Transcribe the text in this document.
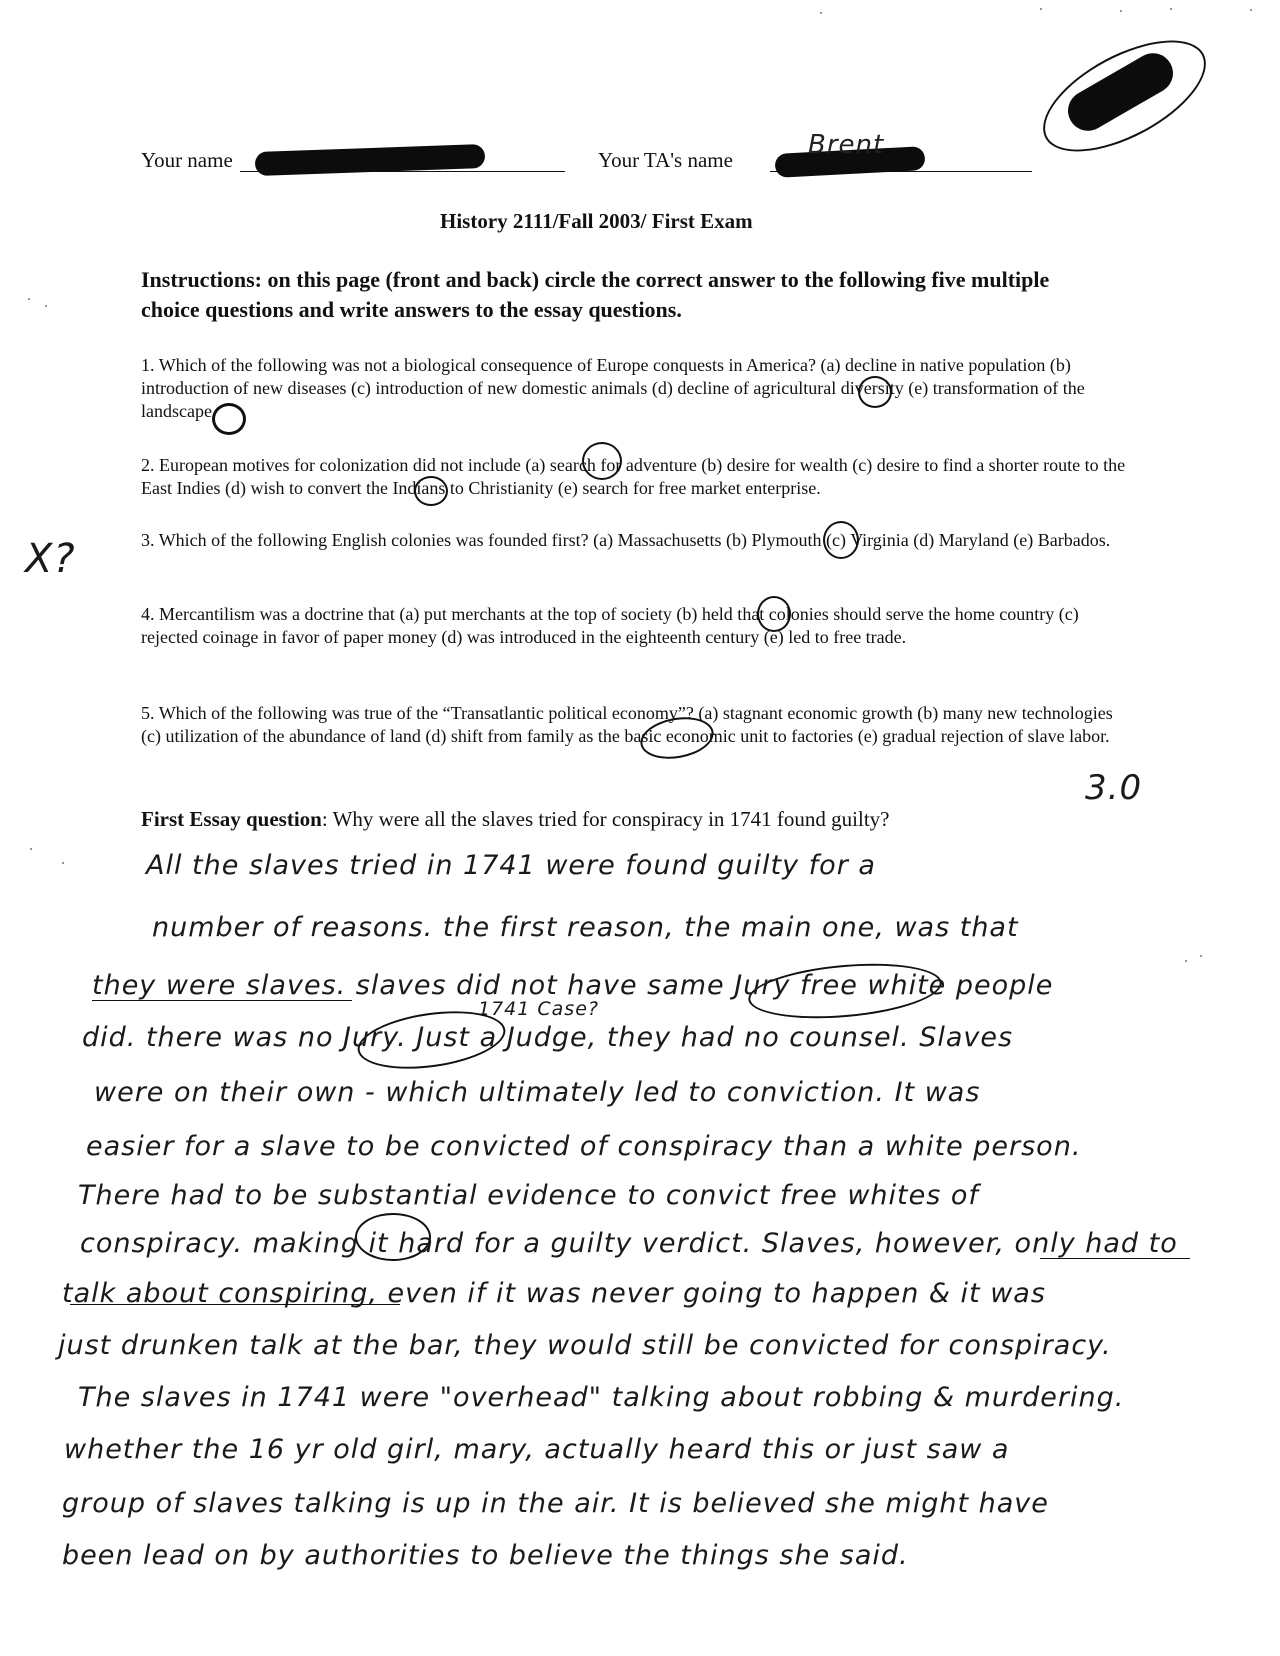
Your name	Your TA's name	Brent
History 2111/Fall 2003/ First Exam
Instructions: on this page (front and back) circle the correct answer to the following five multiple choice questions and write answers to the essay questions.
1. Which of the following was not a biological consequence of Europe conquests in America? (a) decline in native population (b) introduction of new diseases (c) introduction of new domestic animals (d) decline of agricultural diversity (e) transformation of the landscape.
2. European motives for colonization did not include (a) search for adventure (b) desire for wealth (c) desire to find a shorter route to the East Indies (d) wish to convert the Indians to Christianity (e) search for free market enterprise.
3. Which of the following English colonies was founded first? (a) Massachusetts (b) Plymouth (c) Virginia (d) Maryland (e) Barbados.
4. Mercantilism was a doctrine that (a) put merchants at the top of society (b) held that colonies should serve the home country (c) rejected coinage in favor of paper money (d) was introduced in the eighteenth century (e) led to free trade.
5. Which of the following was true of the “Transatlantic political economy”? (a) stagnant economic growth (b) many new technologies (c) utilization of the abundance of land (d) shift from family as the basic economic unit to factories (e) gradual rejection of slave labor.
X?
3.0
First Essay question: Why were all the slaves tried for conspiracy in 1741 found guilty?
1741 Case?
All the slaves tried in 1741 were found guilty for a
number of reasons. the first reason, the main one, was that
they were slaves. slaves did not have same Jury free white people
did. there was no Jury. Just a Judge, they had no counsel. Slaves
were on their own - which ultimately led to conviction. It was
easier for a slave to be convicted of conspiracy than a white person.
There had to be substantial evidence to convict free whites of
conspiracy. making it hard for a guilty verdict. Slaves, however, only had to
talk about conspiring, even if it was never going to happen & it was
just drunken talk at the bar, they would still be convicted for conspiracy.
The slaves in 1741 were "overhead" talking about robbing & murdering.
whether the 16 yr old girl, mary, actually heard this or just saw a
group of slaves talking is up in the air. It is believed she might have
been lead on by authorities to believe the things she said.
